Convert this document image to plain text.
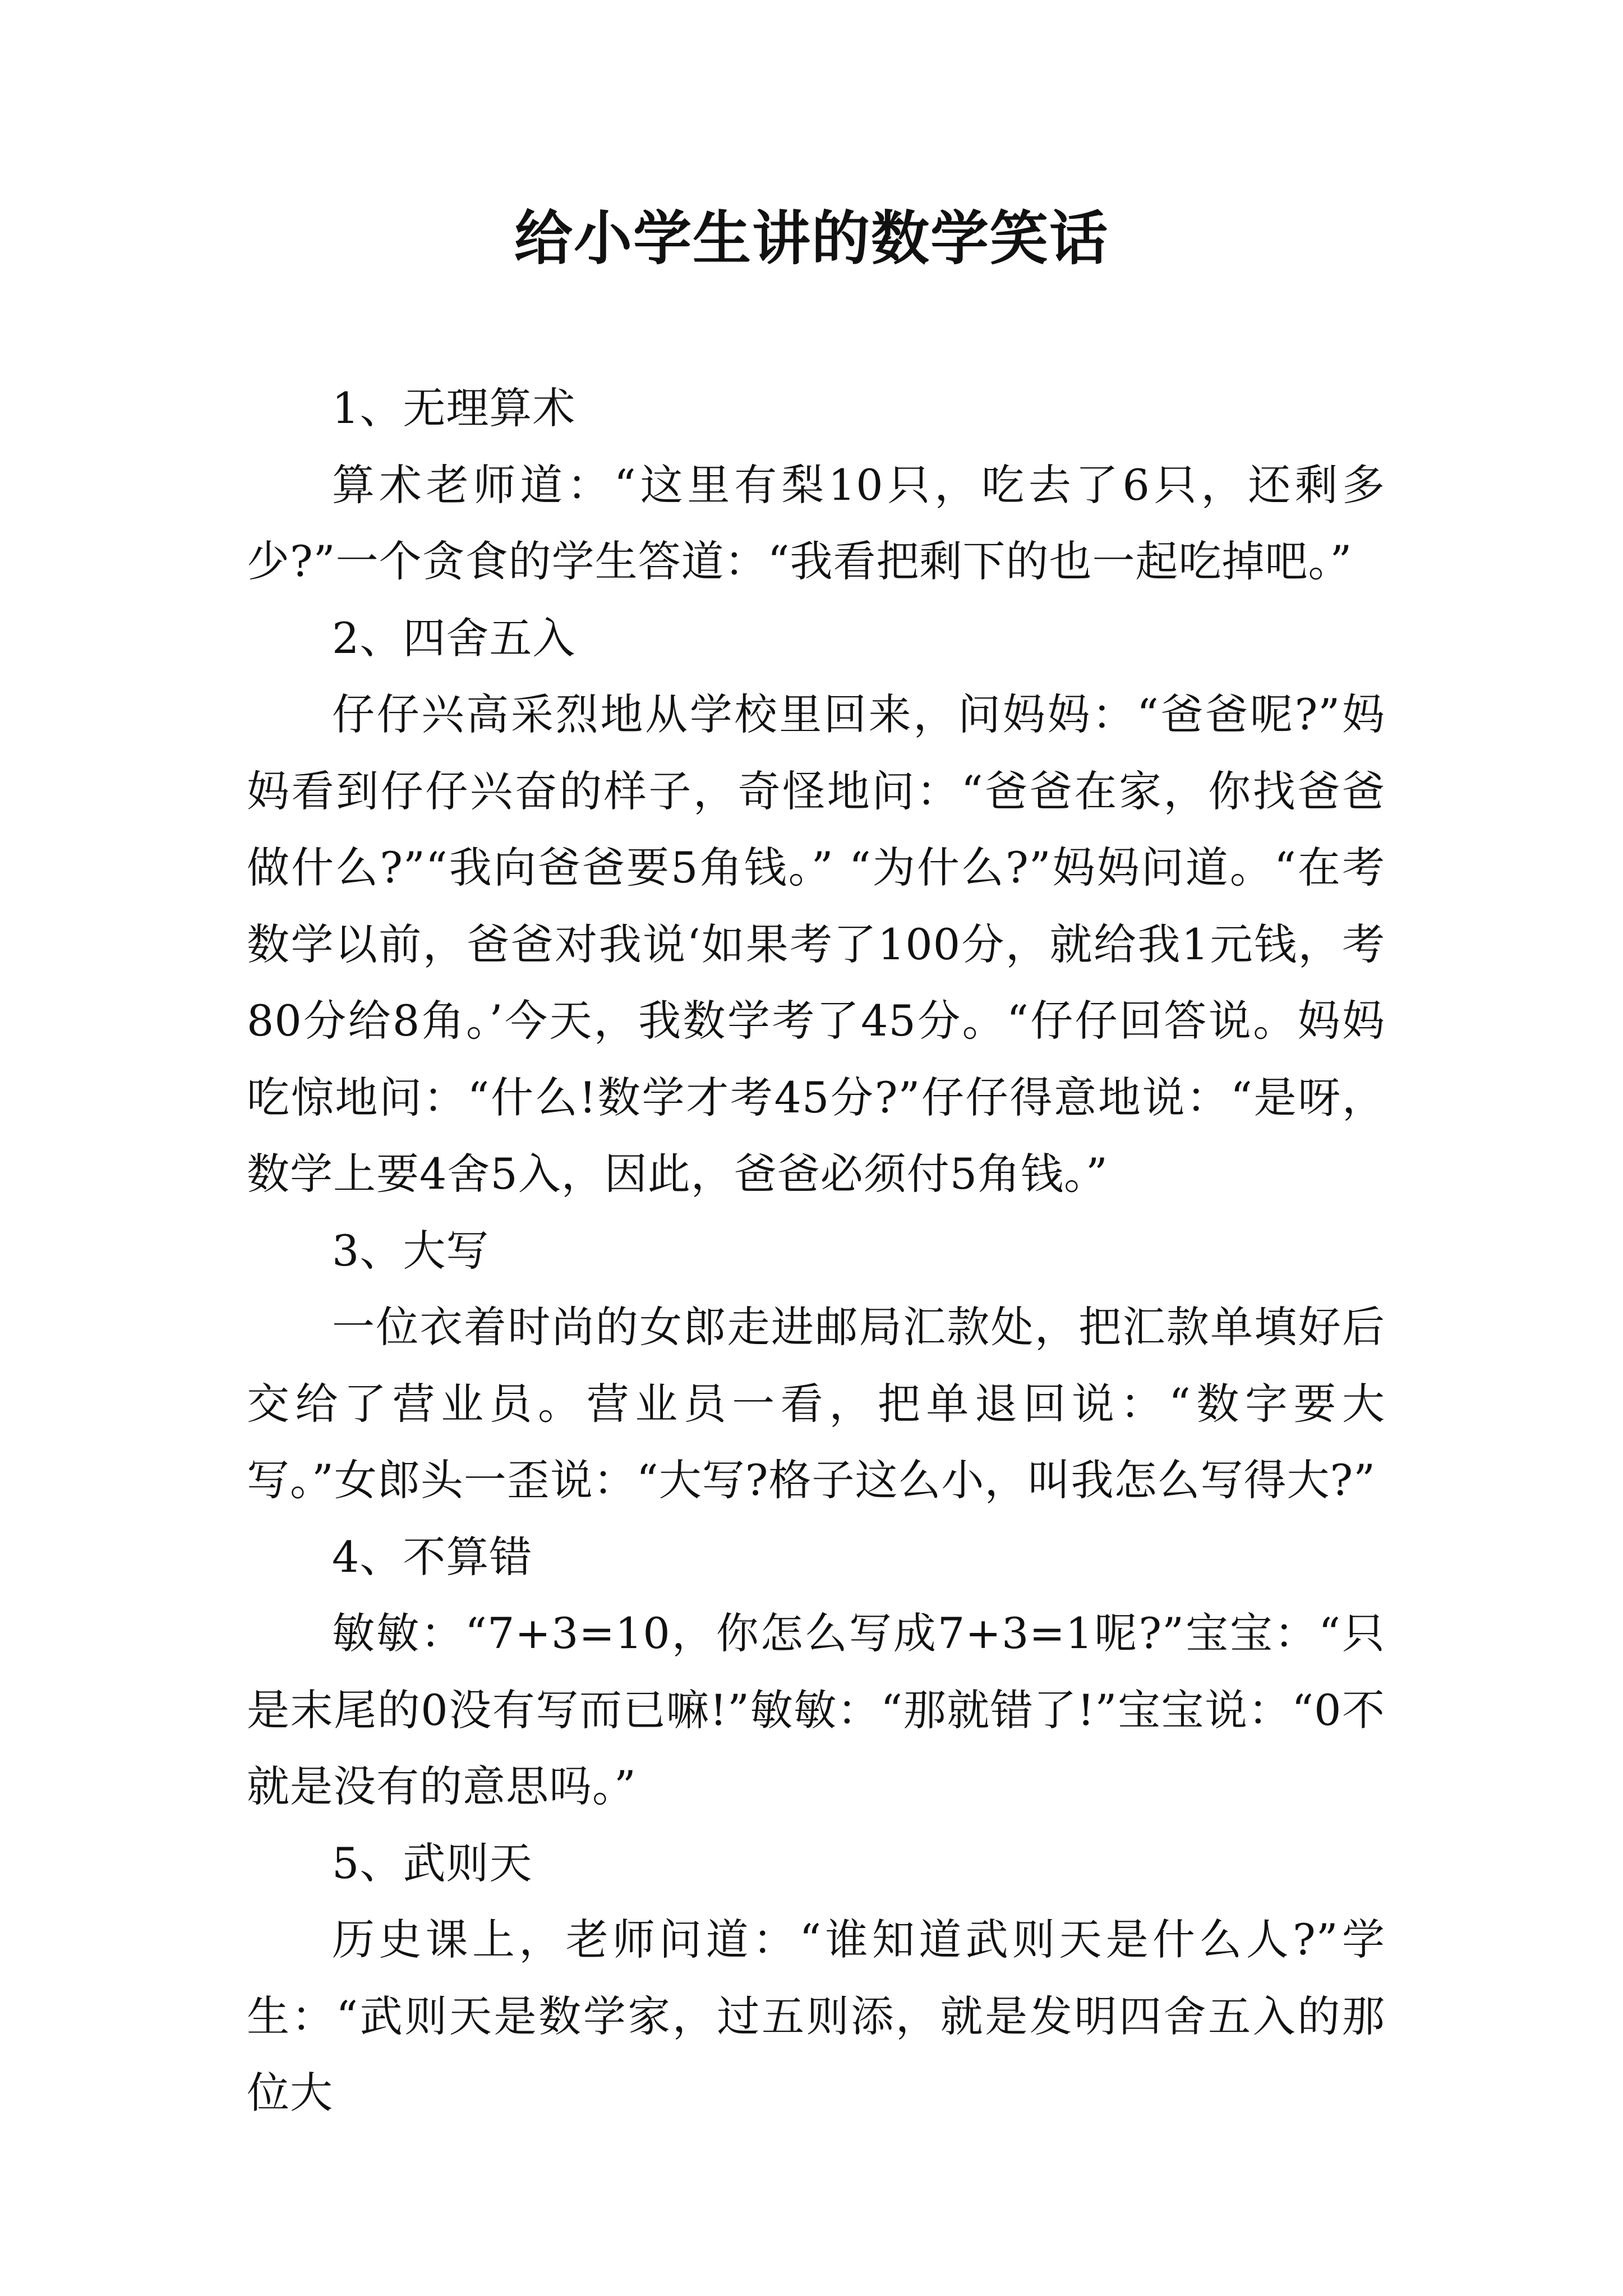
给小学生讲的数学笑话

1、无理算术

算术老师道：“这里有梨10只，吃去了6只，还剩多少?”一个贪食的学生答道：“我看把剩下的也一起吃掉吧。”

2、四舍五入

仔仔兴高采烈地从学校里回来，问妈妈：“爸爸呢?”妈妈看到仔仔兴奋的样子，奇怪地问：“爸爸在家，你找爸爸做什么?”“我向爸爸要5角钱。” “为什么?”妈妈问道。“在考数学以前，爸爸对我说‘如果考了100分，就给我1元钱，考80分给8角。’今天，我数学考了45分。“仔仔回答说。妈妈吃惊地问：“什么!数学才考45分?”仔仔得意地说：“是呀，数学上要4舍5入，因此，爸爸必须付5角钱。”

3、大写

一位衣着时尚的女郎走进邮局汇款处，把汇款单填好后交给了营业员。营业员一看，把单退回说：“数字要大写。”女郎头一歪说：“大写?格子这么小，叫我怎么写得大?”

4、不算错

敏敏：“7+3=10，你怎么写成7+3=1呢?”宝宝：“只是末尾的0没有写而已嘛!”敏敏：“那就错了!”宝宝说：“0不就是没有的意思吗。”

5、武则天

历史课上，老师问道：“谁知道武则天是什么人?”学生：“武则天是数学家，过五则添，就是发明四舍五入的那位大
